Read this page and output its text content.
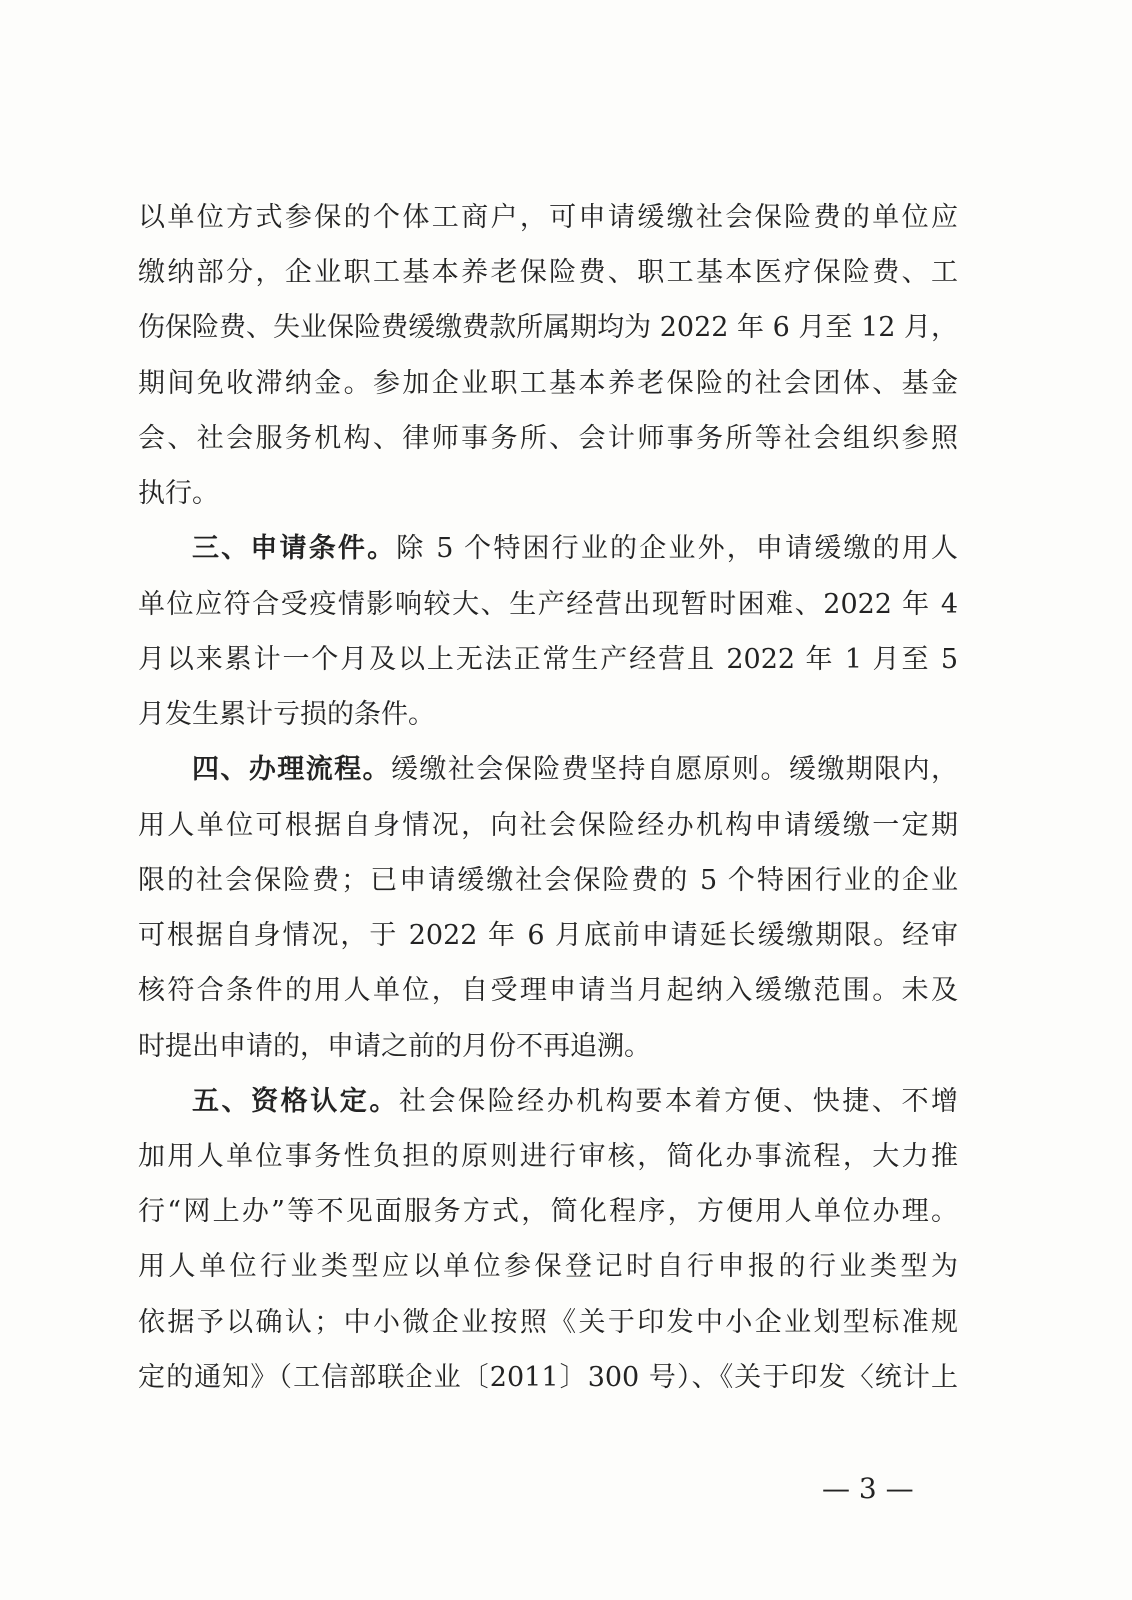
以单位方式参保的个体工商户，可申请缓缴社会保险费的单位应
缴纳部分，企业职工基本养老保险费、职工基本医疗保险费、工
伤保险费、失业保险费缓缴费款所属期均为 2022 年 6 月至 12 月，
期间免收滞纳金。参加企业职工基本养老保险的社会团体、基金
会、社会服务机构、律师事务所、会计师事务所等社会组织参照
执行。
三、申请条件。除 5 个特困行业的企业外，申请缓缴的用人
单位应符合受疫情影响较大、生产经营出现暂时困难、2022 年 4
月以来累计一个月及以上无法正常生产经营且 2022 年 1 月至 5
月发生累计亏损的条件。
四、办理流程。缓缴社会保险费坚持自愿原则。缓缴期限内，
用人单位可根据自身情况，向社会保险经办机构申请缓缴一定期
限的社会保险费；已申请缓缴社会保险费的 5 个特困行业的企业
可根据自身情况，于 2022 年 6 月底前申请延长缓缴期限。经审
核符合条件的用人单位，自受理申请当月起纳入缓缴范围。未及
时提出申请的，申请之前的月份不再追溯。
五、资格认定。社会保险经办机构要本着方便、快捷、不增
加用人单位事务性负担的原则进行审核，简化办事流程，大力推
行“网上办”等不见面服务方式，简化程序，方便用人单位办理。
用人单位行业类型应以单位参保登记时自行申报的行业类型为
依据予以确认；中小微企业按照《关于印发中小企业划型标准规
定的通知》（工信部联企业〔2011〕300 号）、《关于印发〈统计上
— 3 —
